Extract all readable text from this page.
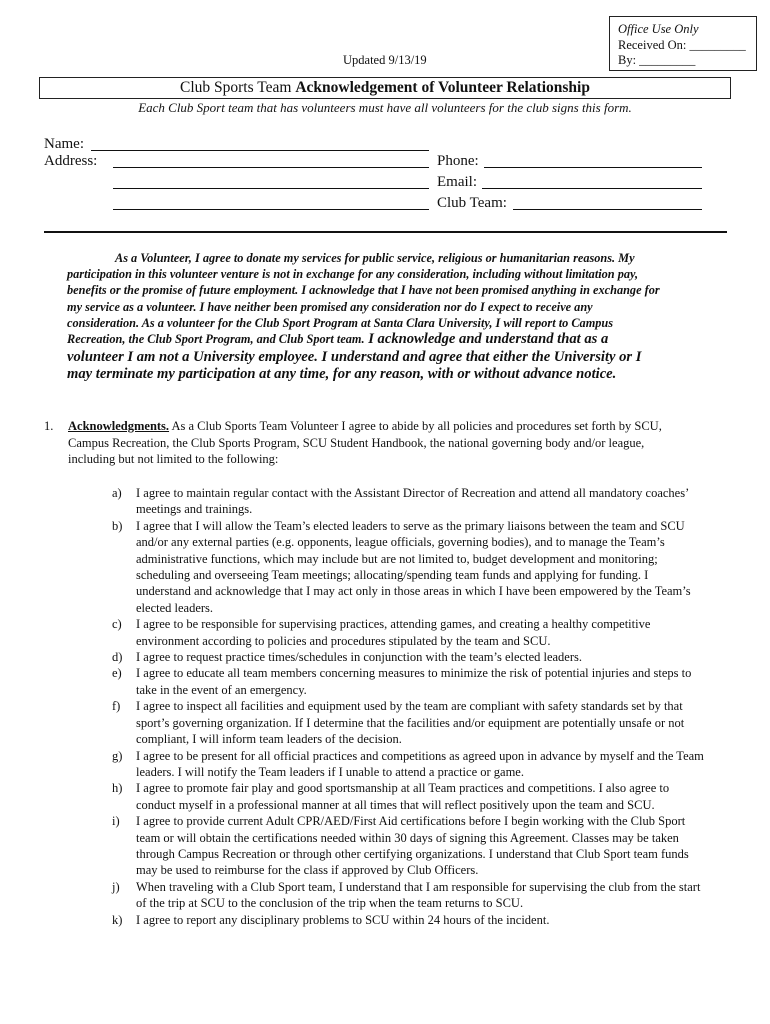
Office Use Only
Received On: _________
By: _________
Updated 9/13/19
Club Sports Team Acknowledgement of Volunteer Relationship
Each Club Sport team that has volunteers must have all volunteers for the club signs this form.
Name:
Address:	Phone:
Email:
Club Team:
As a Volunteer, I agree to donate my services for public service, religious or humanitarian reasons. My participation in this volunteer venture is not in exchange for any consideration, including without limitation pay, benefits or the promise of future employment. I acknowledge that I have not been promised anything in exchange for my service as a volunteer. I have neither been promised any consideration nor do I expect to receive any consideration. As a volunteer for the Club Sport Program at Santa Clara University, I will report to Campus Recreation, the Club Sport Program, and Club Sport team. I acknowledge and understand that as a volunteer I am not a University employee. I understand and agree that either the University or I may terminate my participation at any time, for any reason, with or without advance notice.
1. Acknowledgments. As a Club Sports Team Volunteer I agree to abide by all policies and procedures set forth by SCU, Campus Recreation, the Club Sports Program, SCU Student Handbook, the national governing body and/or league, including but not limited to the following:
a) I agree to maintain regular contact with the Assistant Director of Recreation and attend all mandatory coaches’ meetings and trainings.
b) I agree that I will allow the Team’s elected leaders to serve as the primary liaisons between the team and SCU and/or any external parties (e.g. opponents, league officials, governing bodies), and to manage the Team’s administrative functions, which may include but are not limited to, budget development and monitoring; scheduling and overseeing Team meetings; allocating/spending team funds and applying for funding. I understand and acknowledge that I may act only in those areas in which I have been empowered by the Team’s elected leaders.
c) I agree to be responsible for supervising practices, attending games, and creating a healthy competitive environment according to policies and procedures stipulated by the team and SCU.
d) I agree to request practice times/schedules in conjunction with the team’s elected leaders.
e) I agree to educate all team members concerning measures to minimize the risk of potential injuries and steps to take in the event of an emergency.
f) I agree to inspect all facilities and equipment used by the team are compliant with safety standards set by that sport’s governing organization. If I determine that the facilities and/or equipment are potentially unsafe or not compliant, I will inform team leaders of the decision.
g) I agree to be present for all official practices and competitions as agreed upon in advance by myself and the Team leaders. I will notify the Team leaders if I unable to attend a practice or game.
h) I agree to promote fair play and good sportsmanship at all Team practices and competitions. I also agree to conduct myself in a professional manner at all times that will reflect positively upon the team and SCU.
i) I agree to provide current Adult CPR/AED/First Aid certifications before I begin working with the Club Sport team or will obtain the certifications needed within 30 days of signing this Agreement. Classes may be taken through Campus Recreation or through other certifying organizations. I understand that Club Sport team funds may be used to reimburse for the class if approved by Club Officers.
j) When traveling with a Club Sport team, I understand that I am responsible for supervising the club from the start of the trip at SCU to the conclusion of the trip when the team returns to SCU.
k) I agree to report any disciplinary problems to SCU within 24 hours of the incident.
